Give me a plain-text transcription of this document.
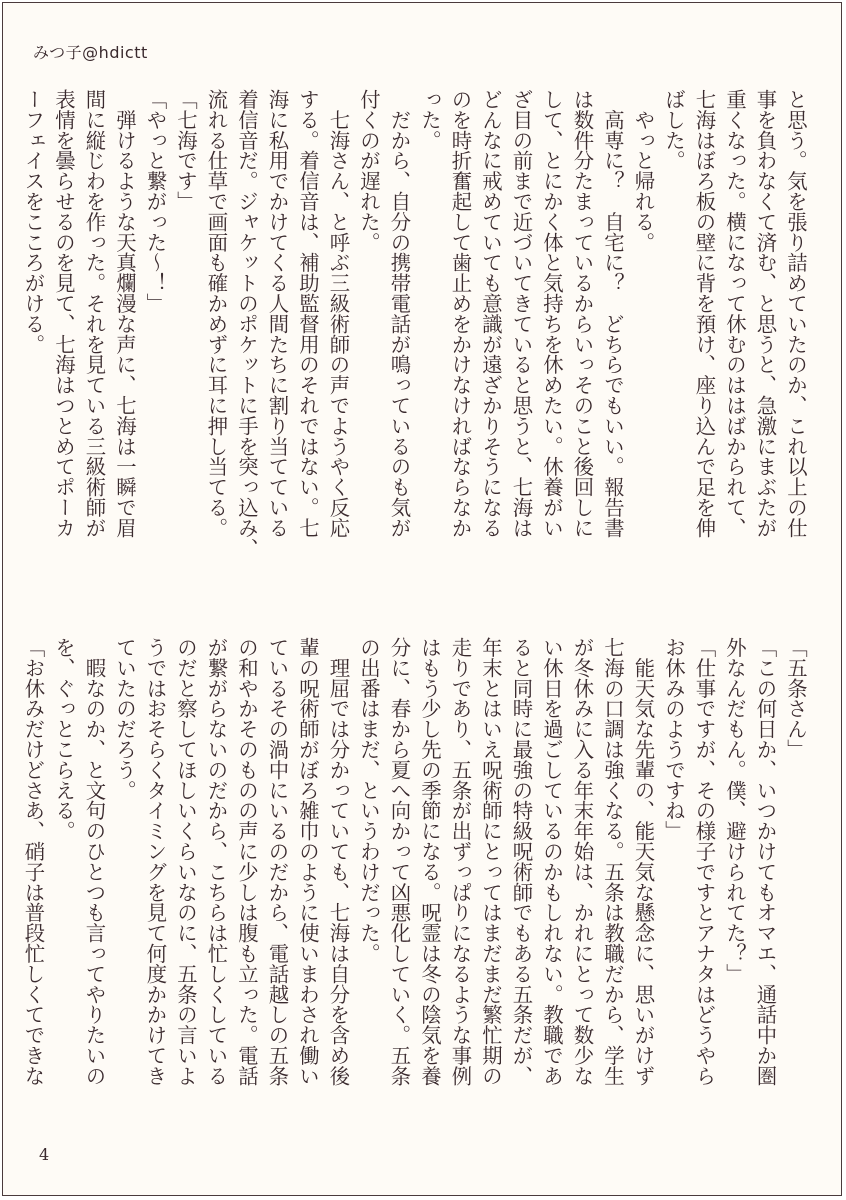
みつ子@hdictt
と思う。気を張り詰めていたのか、これ以上の仕
事を負わなくて済む、と思うと、急激にまぶたが
重くなった。横になって休むのははばかられて、
七海はぼろ板の壁に背を預け、座り込んで足を伸
ばした。
　やっと帰れる。
　高専に？　自宅に？　どちらでもいい。報告書
は数件分たまっているからいっそのこと後回しに
して、とにかく体と気持ちを休めたい。休養がい
ざ目の前まで近づいてきていると思うと、七海は
どんなに戒めていても意識が遠ざかりそうになる
のを時折奮起して歯止めをかけなければならなか
った。
　だから、自分の携帯電話が鳴っているのも気が
付くのが遅れた。
　七海さん、と呼ぶ三級術師の声でようやく反応
する。着信音は、補助監督用のそれではない。七
海に私用でかけてくる人間たちに割り当てている
着信音だ。ジャケットのポケットに手を突っ込み、
流れる仕草で画面も確かめずに耳に押し当てる。
「七海です」
「やっと繋がった～！」
　弾けるような天真爛漫な声に、七海は一瞬で眉
間に縦じわを作った。それを見ている三級術師が
表情を曇らせるのを見て、七海はつとめてポーカ
ーフェイスをこころがける。
「五条さん」
「この何日か、いつかけてもオマエ、通話中か圏
外なんだもん。僕、避けられてた？」
「仕事ですが、その様子ですとアナタはどうやら
お休みのようですね」
　能天気な先輩の、能天気な懸念に、思いがけず
七海の口調は強くなる。五条は教職だから、学生
が冬休みに入る年末年始は、かれにとって数少な
い休日を過ごしているのかもしれない。教職であ
ると同時に最強の特級呪術師でもある五条だが、
年末とはいえ呪術師にとってはまだまだ繁忙期の
走りであり、五条が出ずっぱりになるような事例
はもう少し先の季節になる。呪霊は冬の陰気を養
分に、春から夏へ向かって凶悪化していく。五条
の出番はまだ、というわけだった。
　理屈では分かっていても、七海は自分を含め後
輩の呪術師がぼろ雑巾のように使いまわされ働い
ているその渦中にいるのだから、電話越しの五条
の和やかそのものの声に少しは腹も立った。電話
が繋がらないのだから、こちらは忙しくしている
のだと察してほしいくらいなのに、五条の言いよ
うではおそらくタイミングを見て何度かかけてき
ていたのだろう。
　暇なのか、と文句のひとつも言ってやりたいの
を、ぐっとこらえる。
「お休みだけどさあ、硝子は普段忙しくてできな
4
